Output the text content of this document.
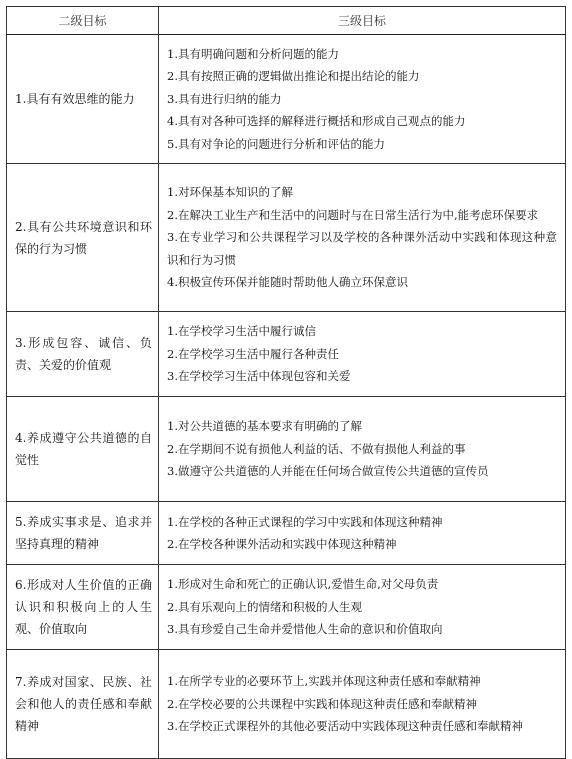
二级目标	三级目标
1.具有有效思维的能力	1.具有明确问题和分析问题的能力
2.具有按照正确的逻辑做出推论和提出结论的能力
3.具有进行归纳的能力
4.具有对各种可选择的解释进行概括和形成自己观点的能力
5.具有对争论的问题进行分析和评估的能力

2.具有公共环境意识和环保的行为习惯	1.对环保基本知识的了解
2.在解决工业生产和生活中的问题时与在日常生活行为中,能考虑环保要求
3.在专业学习和公共课程学习以及学校的各种课外活动中实践和体现这种意识和行为习惯
4.积极宣传环保并能随时帮助他人确立环保意识

3.形成包容、诚信、负责、关爱的价值观	1.在学校学习生活中履行诚信
2.在学校学习生活中履行各种责任
3.在学校学习生活中体现包容和关爱

4.养成遵守公共道德的自觉性	1.对公共道德的基本要求有明确的了解
2.在学期间不说有损他人利益的话、不做有损他人利益的事
3.做遵守公共道德的人并能在任何场合做宣传公共道德的宣传员

5.养成实事求是、追求并坚持真理的精神	1.在学校的各种正式课程的学习中实践和体现这种精神
2.在学校各种课外活动和实践中体现这种精神

6.形成对人生价值的正确认识和积极向上的人生观、价值取向	1.形成对生命和死亡的正确认识,爱惜生命,对父母负责
2.具有乐观向上的情绪和积极的人生观
3.具有珍爱自己生命并爱惜他人生命的意识和价值取向

7.养成对国家、民族、社会和他人的责任感和奉献精神	1.在所学专业的必要环节上,实践并体现这种责任感和奉献精神
2.在学校必要的公共课程中实践和体现这种责任感和奉献精神
3.在学校正式课程外的其他必要活动中实践体现这种责任感和奉献精神
